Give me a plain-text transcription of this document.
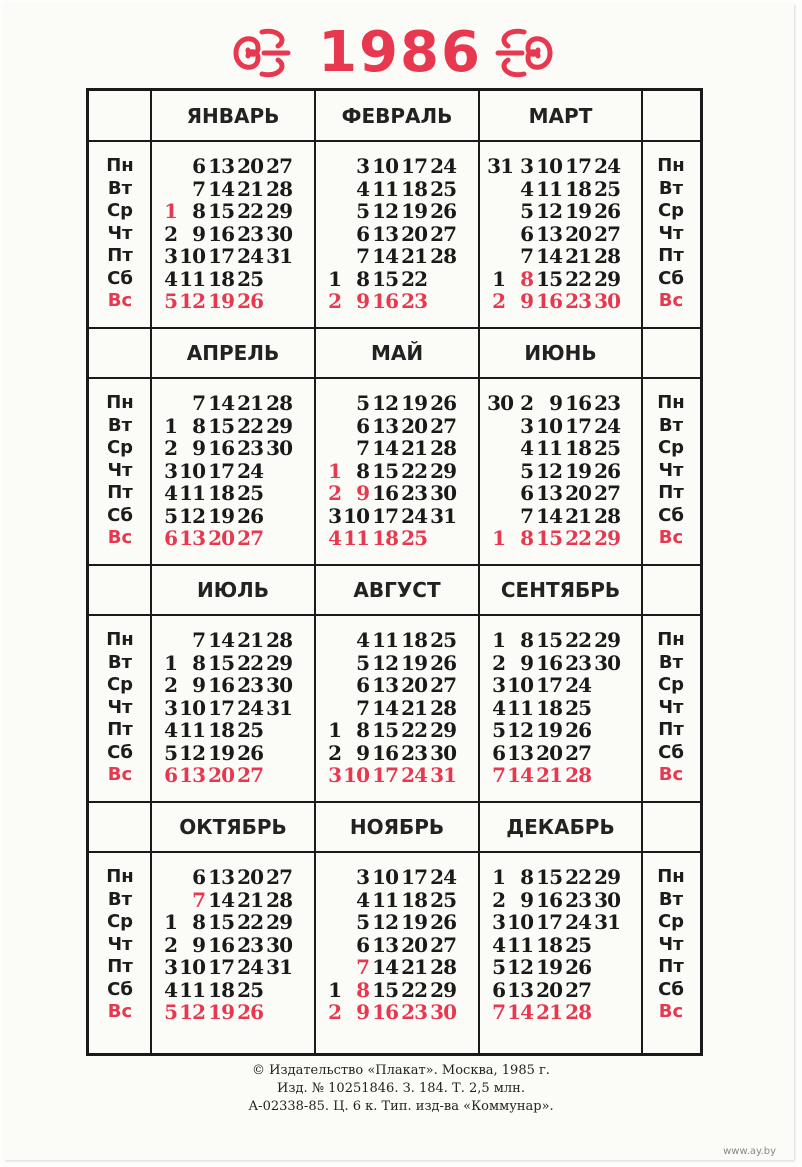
1986
ЯНВАРЬ
6 13 20 27
7 14 21 28
1 8 15 22 29
2 9 16 23 30
3 10 17 24 31
4 11 18 25
5 12 19 26
ФЕВРАЛЬ
3 10 17 24
4 11 18 25
5 12 19 26
6 13 20 27
7 14 21 28
1 8 15 22
2 9 16 23
МАРТ
3 10 17 24
31
4 11 18 25
5 12 19 26
6 13 20 27
7 14 21 28
1 8 15 22 29
2 9 16 23 30
АПРЕЛЬ
7 14 21 28
1 8 15 22 29
2 9 16 23 30
3 10 17 24
4 11 18 25
5 12 19 26
6 13 20 27
МАЙ
5 12 19 26
6 13 20 27
7 14 21 28
1 8 15 22 29
2 9 16 23 30
3 10 17 24 31
4 11 18 25
ИЮНЬ
2 9 16 23
30
3 10 17 24
4 11 18 25
5 12 19 26
6 13 20 27
7 14 21 28
1 8 15 22 29
ИЮЛЬ
7 14 21 28
1 8 15 22 29
2 9 16 23 30
3 10 17 24 31
4 11 18 25
5 12 19 26
6 13 20 27
АВГУСТ
4 11 18 25
5 12 19 26
6 13 20 27
7 14 21 28
1 8 15 22 29
2 9 16 23 30
3 10 17 24 31
СЕНТЯБРЬ
1 8 15 22 29
2 9 16 23 30
3 10 17 24
4 11 18 25
5 12 19 26
6 13 20 27
7 14 21 28
ОКТЯБРЬ
6 13 20 27
7 14 21 28
1 8 15 22 29
2 9 16 23 30
3 10 17 24 31
4 11 18 25
5 12 19 26
НОЯБРЬ
3 10 17 24
4 11 18 25
5 12 19 26
6 13 20 27
7 14 21 28
1 8 15 22 29
2 9 16 23 30
ДЕКАБРЬ
1 8 15 22 29
2 9 16 23 30
3 10 17 24 31
4 11 18 25
5 12 19 26
6 13 20 27
7 14 21 28
Пн
Вт
Ср
Чт
Пт
Сб
Вс
Пн
Вт
Ср
Чт
Пт
Сб
Вс
Пн
Вт
Ср
Чт
Пт
Сб
Вс
Пн
Вт
Ср
Чт
Пт
Сб
Вс
Пн
Вт
Ср
Чт
Пт
Сб
Вс
Пн
Вт
Ср
Чт
Пт
Сб
Вс
Пн
Вт
Ср
Чт
Пт
Сб
Вс
Пн
Вт
Ср
Чт
Пт
Сб
Вс
© Издательство «Плакат». Москва, 1985 г.
Изд. № 10251846. З. 184. Т. 2,5 млн.
А-02338-85. Ц. 6 к. Тип. изд-ва «Коммунар».
www.ay.by
